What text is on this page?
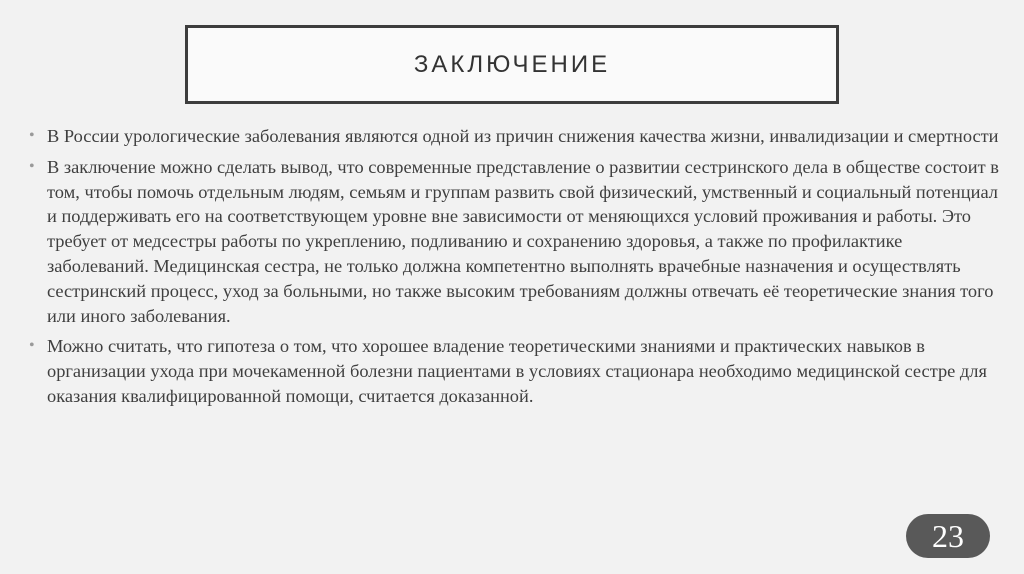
ЗАКЛЮЧЕНИЕ
• В России урологические заболевания являются одной из причин снижения качества жизни, инвалидизации и смертности
• В заключение можно сделать вывод, что современные представление о развитии сестринского дела в обществе состоит в том, чтобы помочь отдельным людям, семьям и группам развить свой физический, умственный и социальный потенциал и поддерживать его на соответствующем уровне вне зависимости от меняющихся условий проживания и работы. Это требует от медсестры работы по укреплению, подливанию и сохранению здоровья, а также по профилактике заболеваний. Медицинская сестра, не только должна компетентно выполнять врачебные назначения и осуществлять сестринский процесс, уход за больными, но также высоким требованиям должны отвечать её теоретические знания того или иного заболевания.
• Можно считать, что гипотеза о том, что хорошее владение теоретическими знаниями и практических навыков в организации ухода при мочекаменной болезни пациентами в условиях стационара необходимо медицинской сестре для оказания квалифицированной помощи, считается доказанной.
23
